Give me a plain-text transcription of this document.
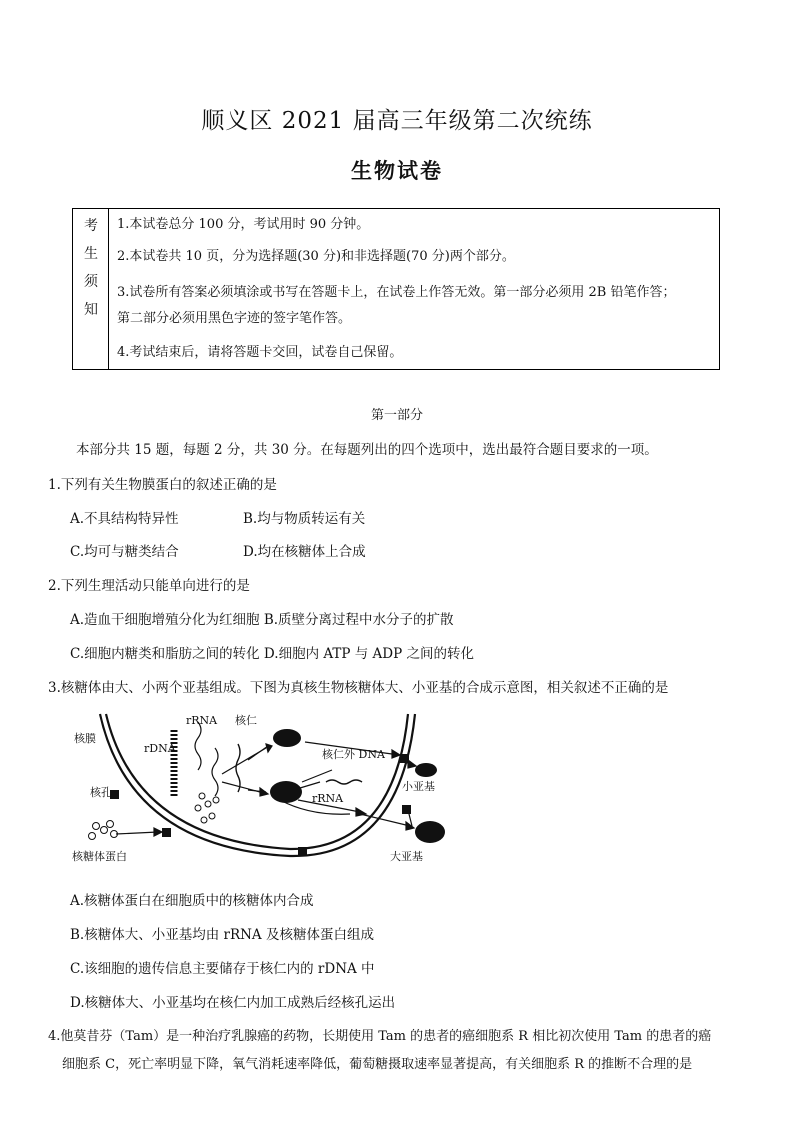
顺义区 2021 届高三年级第二次统练
生物试卷
考
生
须
知
1.本试卷总分 100 分，考试用时 90 分钟。
2.本试卷共 10 页，分为选择题(30 分)和非选择题(70 分)两个部分。
3.试卷所有答案必须填涂或书写在答题卡上，在试卷上作答无效。第一部分必须用 2B 铅笔作答；
第二部分必须用黑色字迹的签字笔作答。
4.考试结束后，请将答题卡交回，试卷自己保留。
第一部分
本部分共 15 题，每题 2 分，共 30 分。在每题列出的四个选项中，选出最符合题目要求的一项。
1.下列有关生物膜蛋白的叙述正确的是
A.不具结构特异性	B.均与物质转运有关
C.均可与糖类结合	D.均在核糖体上合成
2.下列生理活动只能单向进行的是
A.造血干细胞增殖分化为红细胞 B.质壁分离过程中水分子的扩散
C.细胞内糖类和脂肪之间的转化 D.细胞内 ATP 与 ADP 之间的转化
3.核糖体由大、小两个亚基组成。下图为真核生物核糖体大、小亚基的合成示意图，相关叙述不正确的是
核膜
核孔
核糖体蛋白
rRNA
rDNA
核仁
核仁外 DNA
rRNA
小亚基
大亚基
A.核糖体蛋白在细胞质中的核糖体内合成
B.核糖体大、小亚基均由 rRNA 及核糖体蛋白组成
C.该细胞的遗传信息主要储存于核仁内的 rDNA 中
D.核糖体大、小亚基均在核仁内加工成熟后经核孔运出
4.他莫昔芬（Tam）是一种治疗乳腺癌的药物，长期使用 Tam 的患者的癌细胞系 R 相比初次使用 Tam 的患者的癌
细胞系 C，死亡率明显下降，氧气消耗速率降低，葡萄糖摄取速率显著提高，有关细胞系 R 的推断不合理的是
